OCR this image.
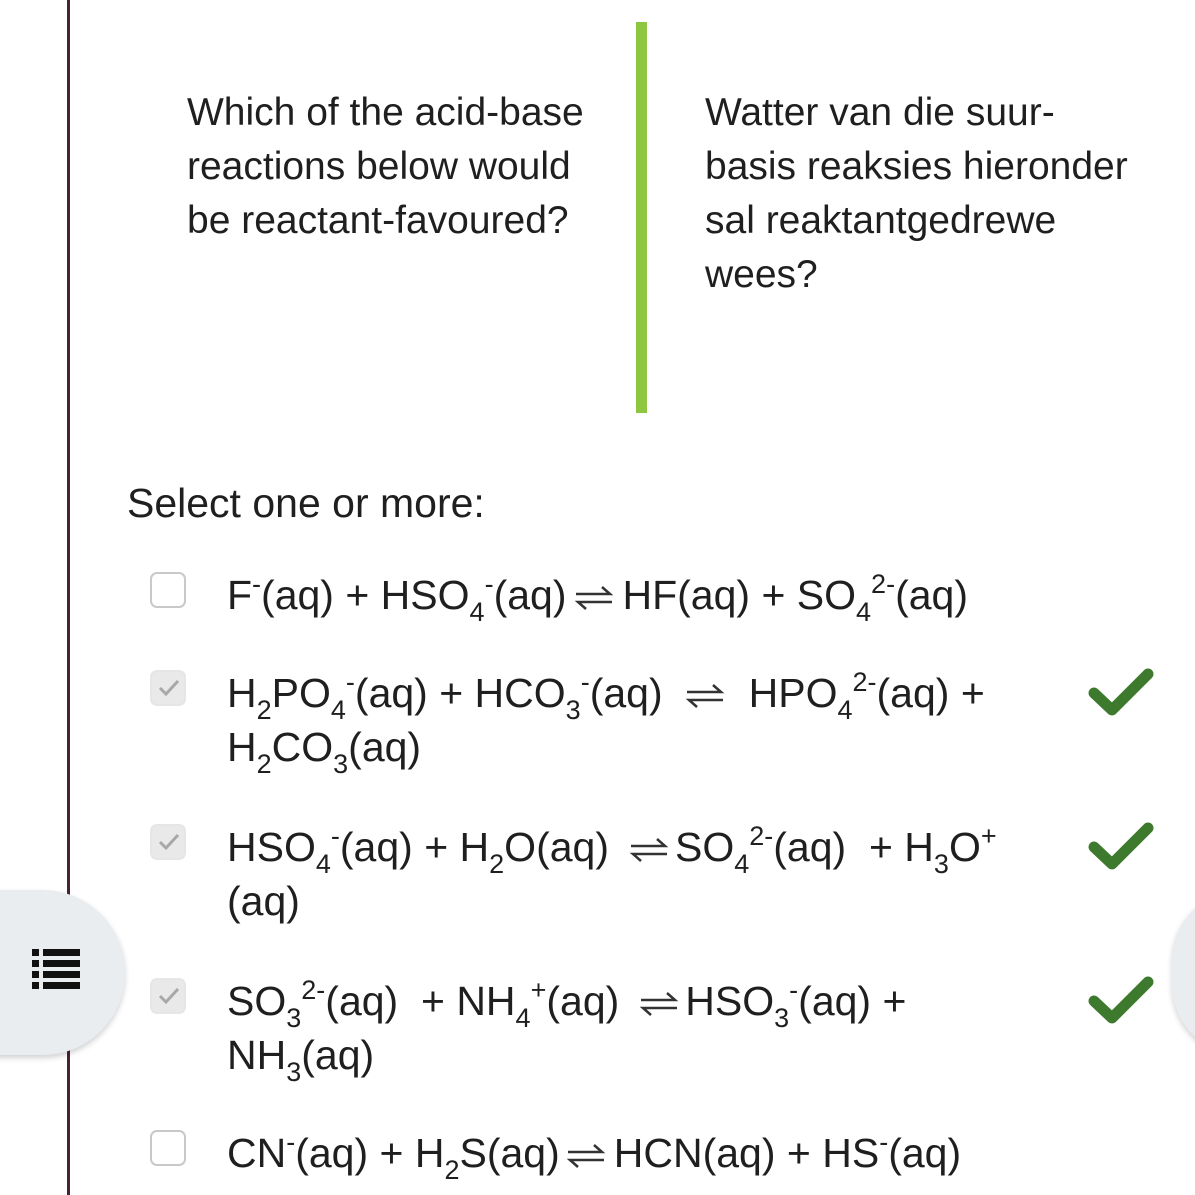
Which of the acid-base reactions below would be reactant-favoured?
Watter van die suur-basis reaksies hieronder sal reaktantgedrewe wees?
Select one or more:
$F^-(aq) + HSO_4^-(aq)$ ⇌ $HF(aq) + SO_4^{2-}(aq)$
$H_2PO_4^-(aq) + HCO_3^-(aq)$ ⇌ $HPO_4^{2-}(aq) + H_2CO_3(aq)$
$HSO_4^-(aq) + H_2O(aq)$ ⇌ $SO_4^{2-}(aq) + H_3O^+$
(aq)
$SO_3^{2-}(aq) + NH_4^+(aq)$ ⇌ $HSO_3^-(aq) + NH_3(aq)$
$CN^-(aq) + H_2S(aq)$ ⇌ HCN(aq) + HS-(aq)
